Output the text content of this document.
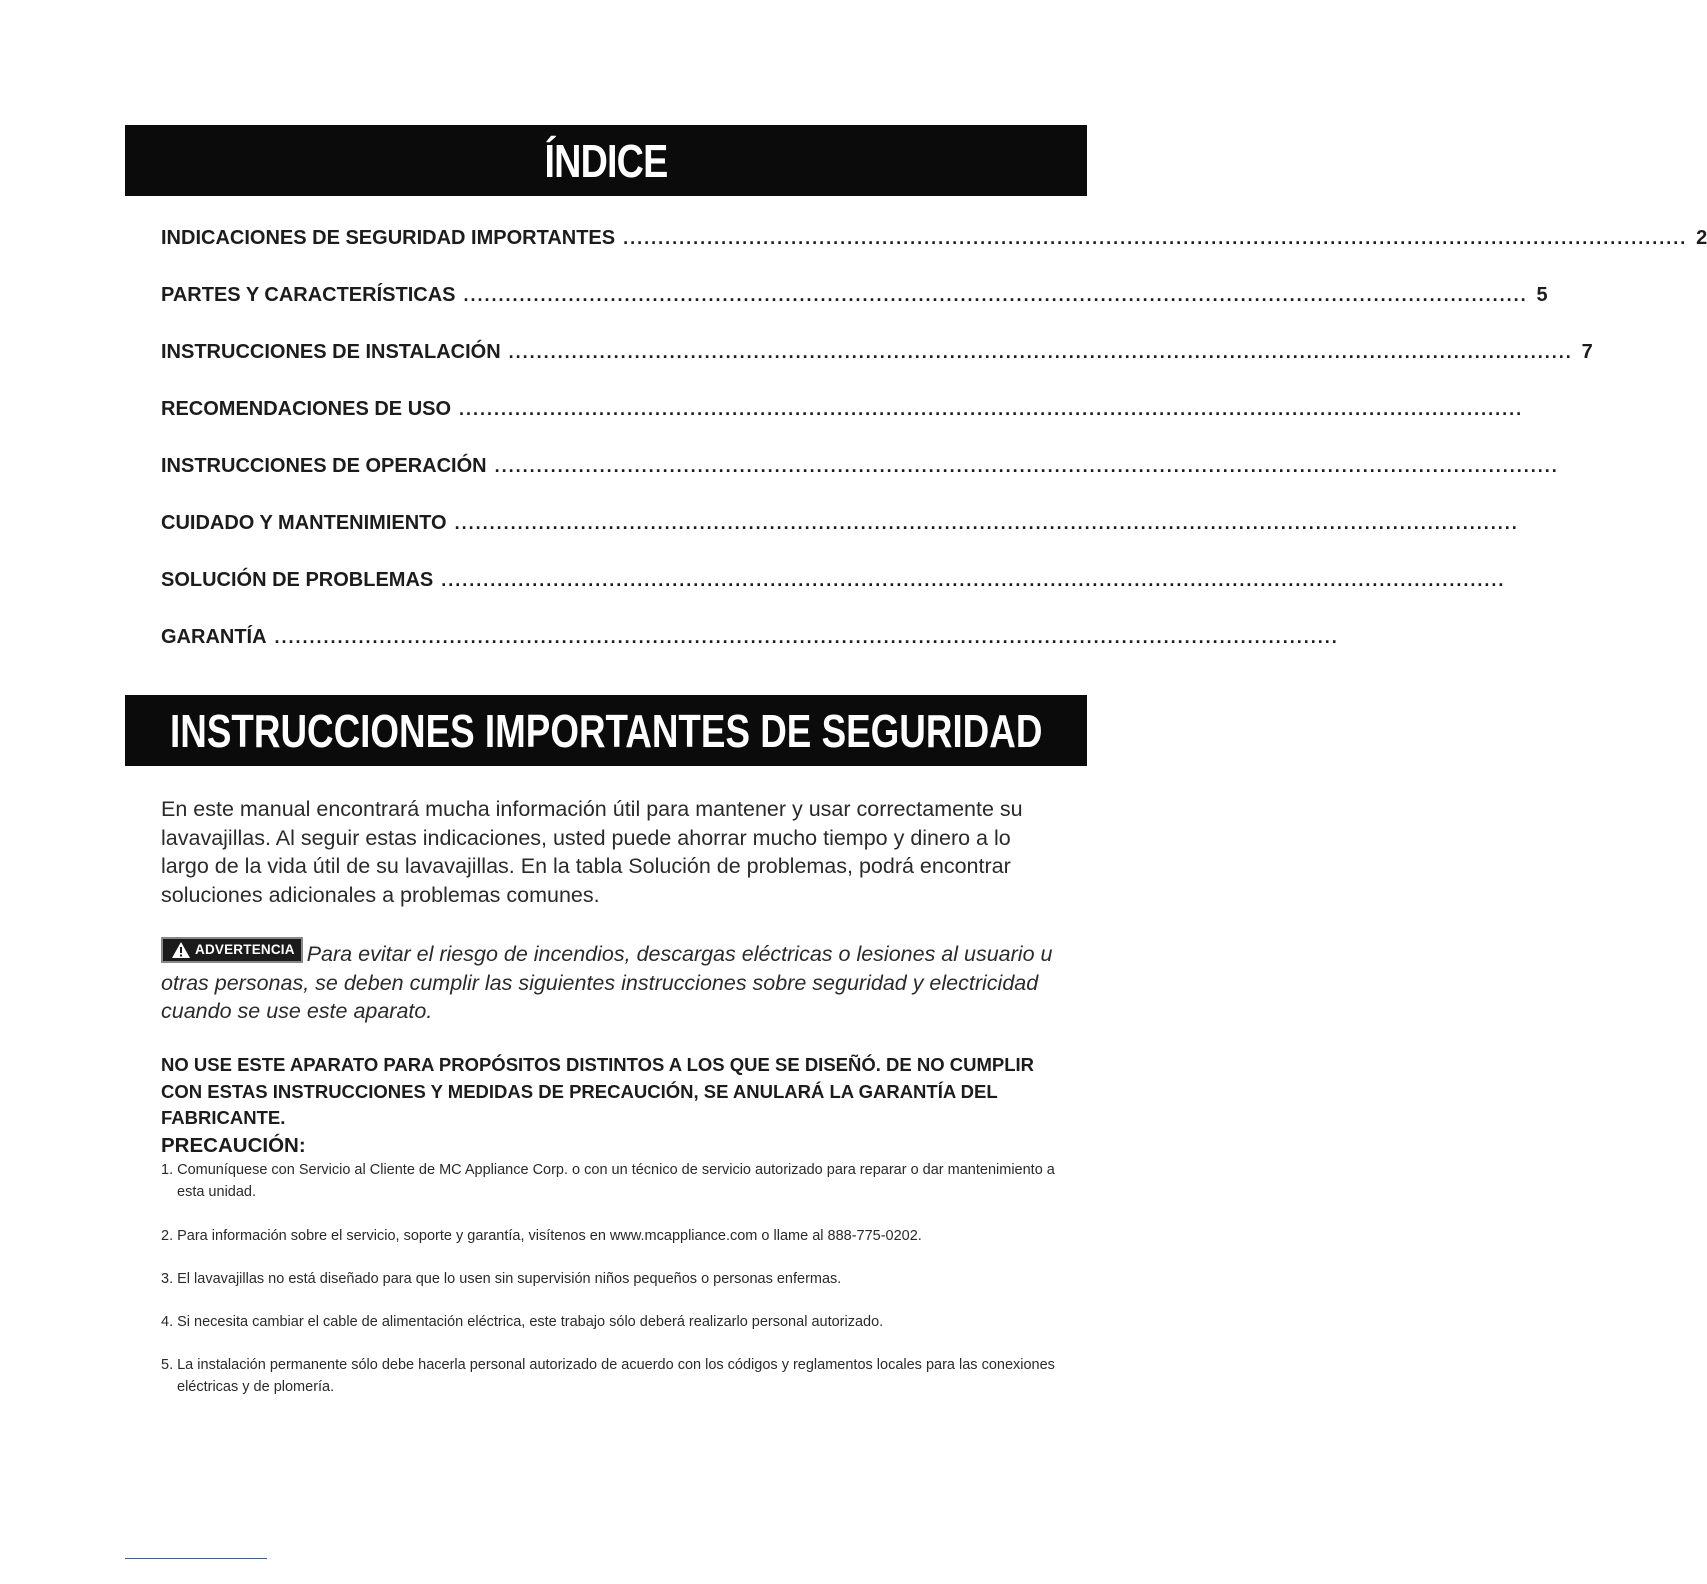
ÍNDICE
INDICACIONES DE SEGURIDAD IMPORTANTES ........................................................................................................................................................ 2
PARTES Y CARACTERÍSTICAS ........................................................................................................................................................ 5
INSTRUCCIONES DE INSTALACIÓN ........................................................................................................................................................ 7
RECOMENDACIONES DE USO ........................................................................................................................................................
INSTRUCCIONES DE OPERACIÓN ........................................................................................................................................................
CUIDADO Y MANTENIMIENTO ........................................................................................................................................................
SOLUCIÓN DE PROBLEMAS ........................................................................................................................................................
GARANTÍA ........................................................................................................................................................
INSTRUCCIONES IMPORTANTES DE SEGURIDAD
En este manual encontrará mucha información útil para mantener y usar correctamente su lavavajillas. Al seguir estas indicaciones, usted puede ahorrar mucho tiempo y dinero a lo largo de la vida útil de su lavavajillas. En la tabla Solución de problemas, podrá encontrar soluciones adicionales a problemas comunes.
ADVERTENCIA Para evitar el riesgo de incendios, descargas eléctricas o lesiones al usuario u otras personas, se deben cumplir las siguientes instrucciones sobre seguridad y electricidad cuando se use este aparato.
NO USE ESTE APARATO PARA PROPÓSITOS DISTINTOS A LOS QUE SE DISEÑÓ. DE NO CUMPLIR CON ESTAS INSTRUCCIONES Y MEDIDAS DE PRECAUCIÓN, SE ANULARÁ LA GARANTÍA DEL FABRICANTE.
PRECAUCIÓN:
1. Comuníquese con Servicio al Cliente de MC Appliance Corp. o con un técnico de servicio autorizado para reparar o dar mantenimiento a esta unidad.
2. Para información sobre el servicio, soporte y garantía, visítenos en www.mcappliance.com o llame al 888-775-0202.
3. El lavavajillas no está diseñado para que lo usen sin supervisión niños pequeños o personas enfermas.
4. Si necesita cambiar el cable de alimentación eléctrica, este trabajo sólo deberá realizarlo personal autorizado.
5. La instalación permanente sólo debe hacerla personal autorizado de acuerdo con los códigos y reglamentos locales para las conexiones eléctricas y de plomería.
